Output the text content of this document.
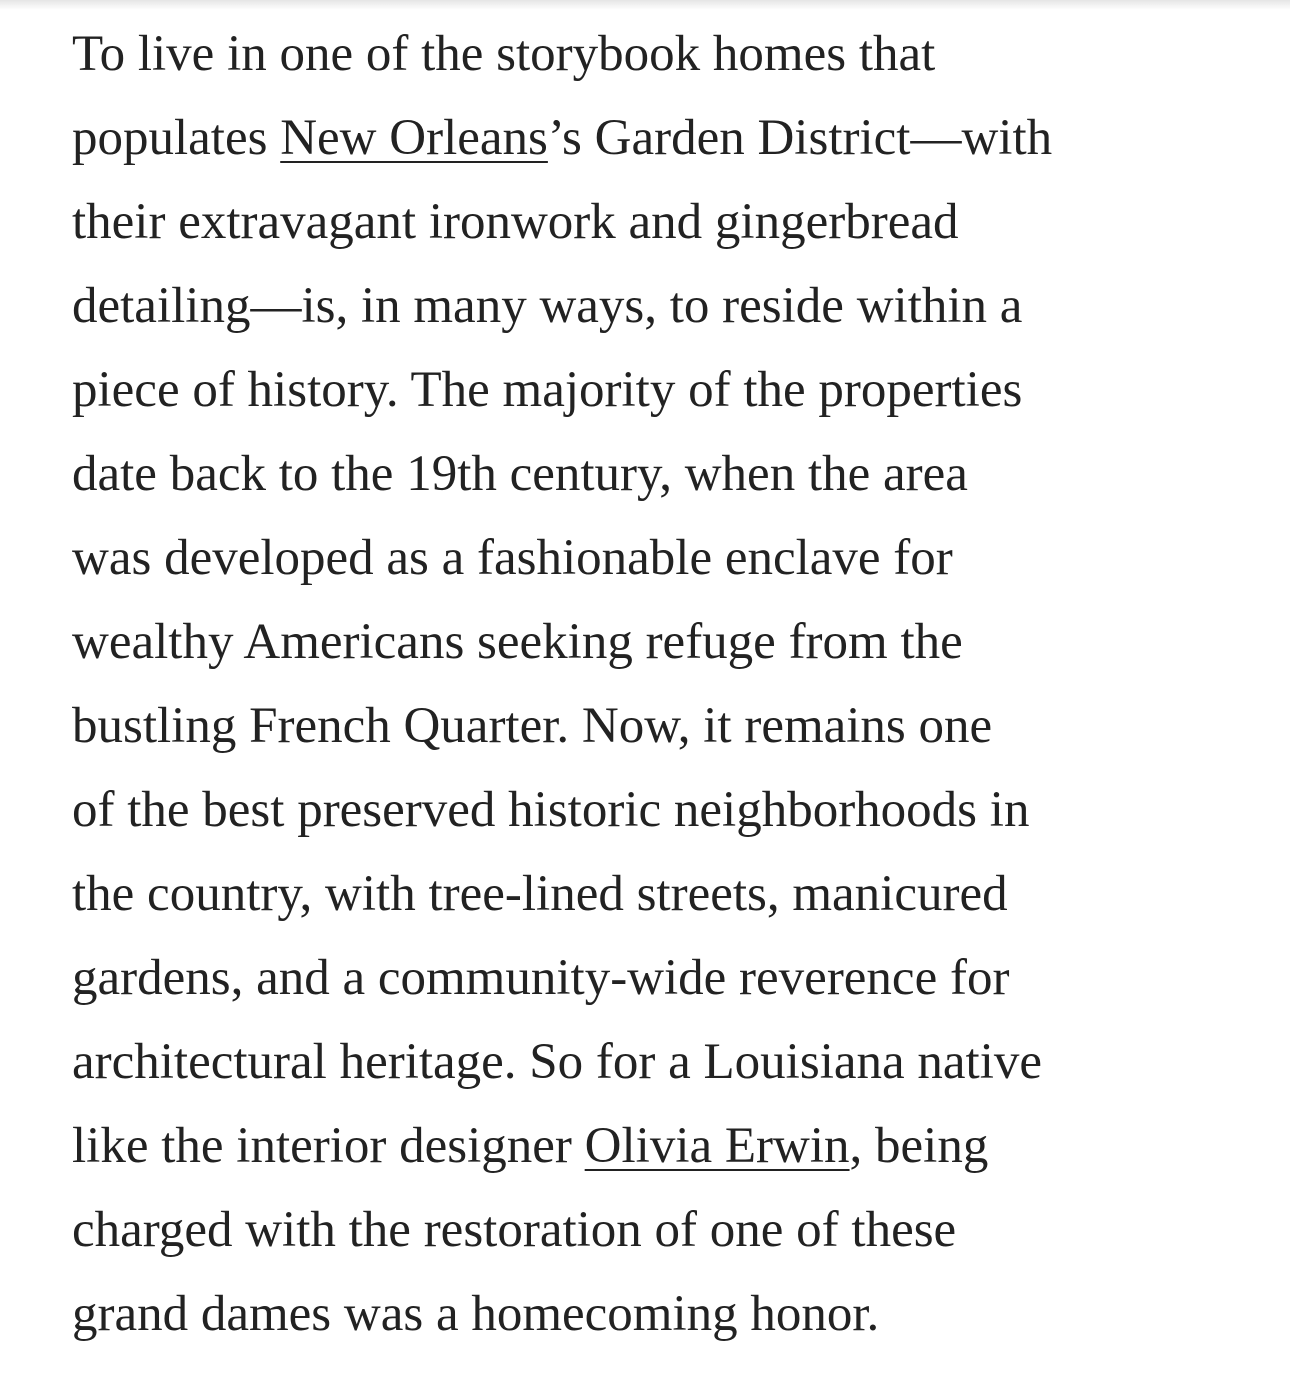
To live in one of the storybook homes that
populates New Orleans’s Garden District—with
their extravagant ironwork and gingerbread
detailing—is, in many ways, to reside within a
piece of history. The majority of the properties
date back to the 19th century, when the area
was developed as a fashionable enclave for
wealthy Americans seeking refuge from the
bustling French Quarter. Now, it remains one
of the best preserved historic neighborhoods in
the country, with tree-lined streets, manicured
gardens, and a community-wide reverence for
architectural heritage. So for a Louisiana native
like the interior designer Olivia Erwin, being
charged with the restoration of one of these
grand dames was a homecoming honor.
